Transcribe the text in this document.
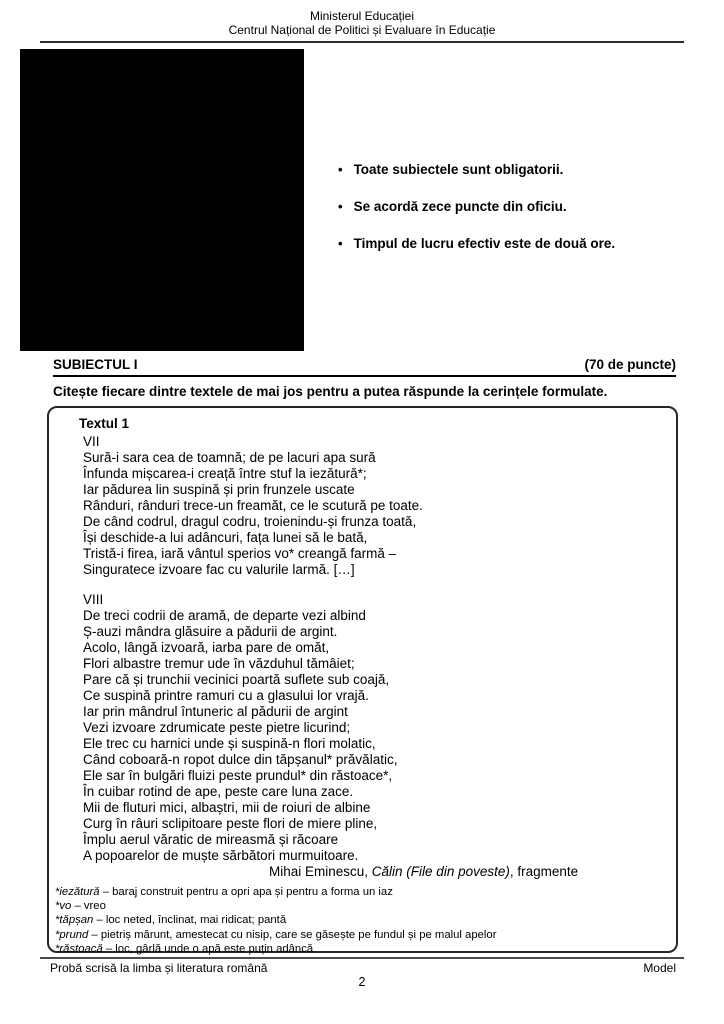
Ministerul Educației
Centrul Național de Politici și Evaluare în Educație
• Toate subiectele sunt obligatorii.
• Se acordă zece puncte din oficiu.
• Timpul de lucru efectiv este de două ore.
SUBIECTUL I	(70 de puncte)
Citește fiecare dintre textele de mai jos pentru a putea răspunde la cerințele formulate.
Textul 1
VII
Sură-i sara cea de toamnă; de pe lacuri apa sură
Înfunda mișcarea-i creață între stuf la iezătură*;
Iar pădurea lin suspină și prin frunzele uscate
Rânduri, rânduri trece-un freamăt, ce le scutură pe toate.
De când codrul, dragul codru, troienindu-și frunza toată,
Își deschide-a lui adâncuri, fața lunei să le bată,
Tristă-i firea, iară vântul sperios vo* creangă farmă –
Singuratece izvoare fac cu valurile larmă. […]
VIII
De treci codrii de aramă, de departe vezi albind
Ș-auzi mândra glăsuire a pădurii de argint.
Acolo, lângă izvoară, iarba pare de omăt,
Flori albastre tremur ude în văzduhul tămâiet;
Pare că și trunchii vecinici poartă suflete sub coajă,
Ce suspină printre ramuri cu a glasului lor vrajă.
Iar prin mândrul întuneric al pădurii de argint
Vezi izvoare zdrumicate peste pietre licurind;
Ele trec cu harnici unde și suspină-n flori molatic,
Când coboară-n ropot dulce din tăpșanul* prăvălatic,
Ele sar în bulgări fluizi peste prundul* din răstoace*,
În cuibar rotind de ape, peste care luna zace.
Mii de fluturi mici, albaștri, mii de roiuri de albine
Curg în râuri sclipitoare peste flori de miere pline,
Împlu aerul văratic de mireasmă și răcoare
A popoarelor de muște sărbători murmuitoare.
Mihai Eminescu, Călin (File din poveste), fragmente
*iezătură – baraj construit pentru a opri apa și pentru a forma un iaz
*vo – vreo
*tăpșan – loc neted, înclinat, mai ridicat; pantă
*prund – pietriș mărunt, amestecat cu nisip, care se găsește pe fundul și pe malul apelor
*răstoacă – loc, gârlă unde o apă este puțin adâncă
Probă scrisă la limba și literatura română	Model
2
